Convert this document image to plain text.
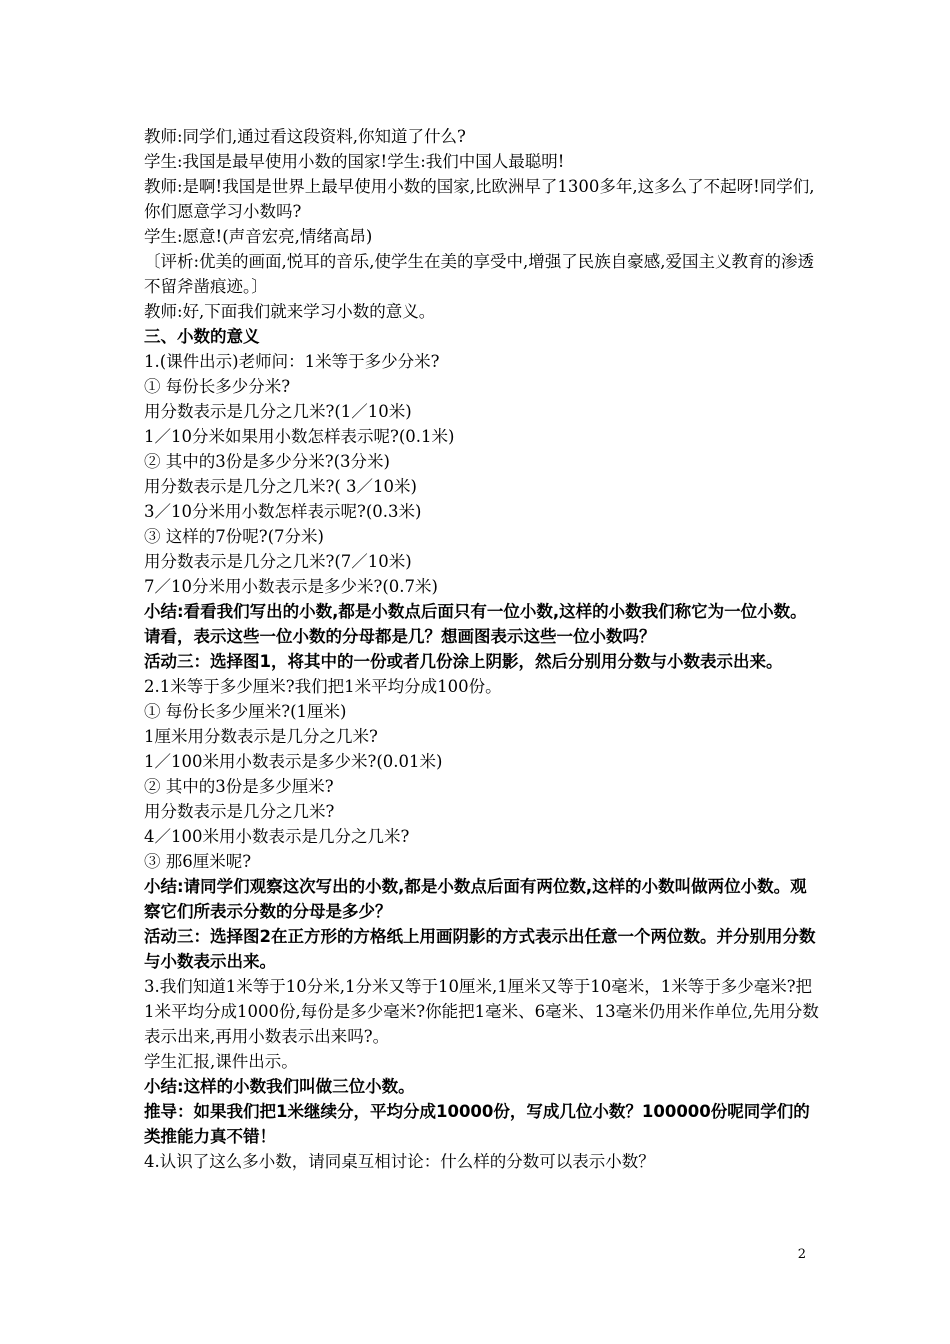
教师:同学们,通过看这段资料,你知道了什么?
学生:我国是最早使用小数的国家!学生:我们中国人最聪明!
教师:是啊!我国是世界上最早使用小数的国家,比欧洲早了1300多年,这多么了不起呀!同学们,你们愿意学习小数吗?
学生:愿意!(声音宏亮,情绪高昂)
〔评析:优美的画面,悦耳的音乐,使学生在美的享受中,增强了民族自豪感,爱国主义教育的渗透不留斧凿痕迹。〕
教师:好,下面我们就来学习小数的意义。
三、小数的意义
1.(课件出示)老师问：1米等于多少分米?
① 每份长多少分米?
用分数表示是几分之几米?(1／10米)
1／10分米如果用小数怎样表示呢?(0.1米)
② 其中的3份是多少分米?(3分米)
用分数表示是几分之几米?( 3／10米)
3／10分米用小数怎样表示呢?(0.3米)
③ 这样的7份呢?(7分米)
用分数表示是几分之几米?(7／10米)
7／10分米用小数表示是多少米?(0.7米)
小结:看看我们写出的小数,都是小数点后面只有一位小数,这样的小数我们称它为一位小数。请看，表示这些一位小数的分母都是几？想画图表示这些一位小数吗？
活动三：选择图1，将其中的一份或者几份涂上阴影，然后分别用分数与小数表示出来。
2.1米等于多少厘米?我们把1米平均分成100份。
① 每份长多少厘米?(1厘米)
1厘米用分数表示是几分之几米?
1／100米用小数表示是多少米?(0.01米)
② 其中的3份是多少厘米?
用分数表示是几分之几米?
4／100米用小数表示是几分之几米?
③ 那6厘米呢?
小结:请同学们观察这次写出的小数,都是小数点后面有两位数,这样的小数叫做两位小数。观察它们所表示分数的分母是多少？
活动三：选择图2在正方形的方格纸上用画阴影的方式表示出任意一个两位数。并分别用分数与小数表示出来。
3.我们知道1米等于10分米,1分米又等于10厘米,1厘米又等于10毫米，1米等于多少毫米?把1米平均分成1000份,每份是多少毫米?你能把1毫米、6毫米、13毫米仍用米作单位,先用分数表示出来,再用小数表示出来吗?。
学生汇报,课件出示。
小结:这样的小数我们叫做三位小数。
推导：如果我们把1米继续分，平均分成10000份，写成几位小数？100000份呢同学们的类推能力真不错！
4.认识了这么多小数，请同桌互相讨论：什么样的分数可以表示小数？
2
